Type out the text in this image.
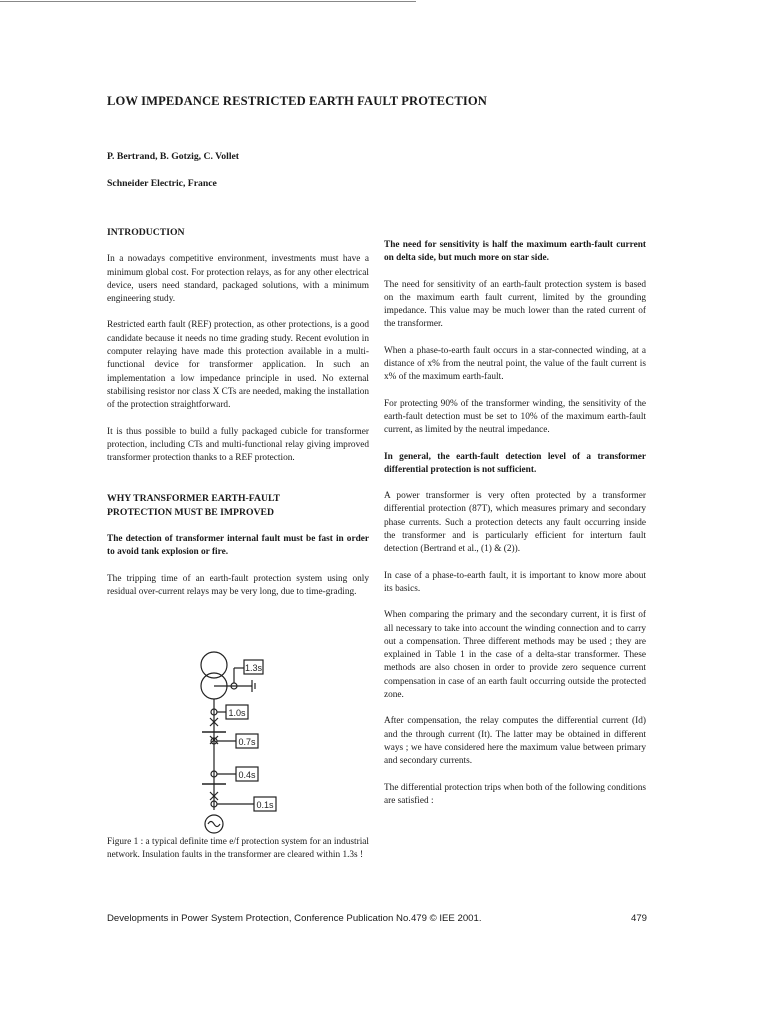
LOW IMPEDANCE RESTRICTED EARTH FAULT PROTECTION

P. Bertrand, B. Gotzig, C. Vollet

Schneider Electric, France

INTRODUCTION

In a nowadays competitive environment, investments must have a minimum global cost. For protection relays, as for any other electrical device, users need standard, packaged solutions, with a minimum engineering study.

Restricted earth fault (REF) protection, as other protections, is a good candidate because it needs no time grading study. Recent evolution in computer relaying have made this protection available in a multi-functional device for transformer application. In such an implementation a low impedance principle in used. No external stabilising resistor nor class X CTs are needed, making the installation of the protection straightforward.

It is thus possible to build a fully packaged cubicle for transformer protection, including CTs and multi-functional relay giving improved transformer protection thanks to a REF protection.

WHY TRANSFORMER EARTH-FAULT
PROTECTION MUST BE IMPROVED

The detection of transformer internal fault must be fast in order to avoid tank explosion or fire.

The tripping time of an earth-fault protection system using only residual over-current relays may be very long, due to time-grading.

1.3s
1.0s
0.7s
0.4s
0.1s

Figure 1 : a typical definite time e/f protection system for an industrial network. Insulation faults in the transformer are cleared within 1.3s !

The need for sensitivity is half the maximum earth-fault current on delta side, but much more on star side.

The need for sensitivity of an earth-fault protection system is based on the maximum earth fault current, limited by the grounding impedance. This value may be much lower than the rated current of the transformer.

When a phase-to-earth fault occurs in a star-connected winding, at a distance of x% from the neutral point, the value of the fault current is x% of the maximum earth-fault.

For protecting 90% of the transformer winding, the sensitivity of the earth-fault detection must be set to 10% of the maximum earth-fault current, as limited by the neutral impedance.

In general, the earth-fault detection level of a transformer differential protection is not sufficient.

A power transformer is very often protected by a transformer differential protection (87T), which measures primary and secondary phase currents. Such a protection detects any fault occurring inside the transformer and is particularly efficient for interturn fault detection (Bertrand et al., (1) & (2)).

In case of a phase-to-earth fault, it is important to know more about its basics.

When comparing the primary and the secondary current, it is first of all necessary to take into account the winding connection and to carry out a compensation. Three different methods may be used ; they are explained in Table 1 in the case of a delta-star transformer. These methods are also chosen in order to provide zero sequence current compensation in case of an earth fault occurring outside the protected zone.

After compensation, the relay computes the differential current (Id) and the through current (It). The latter may be obtained in different ways ; we have considered here the maximum value between primary and secondary currents.

The differential protection trips when both of the following conditions are satisfied :

Developments in Power System Protection, Conference Publication No.479 © IEE 2001.	479
